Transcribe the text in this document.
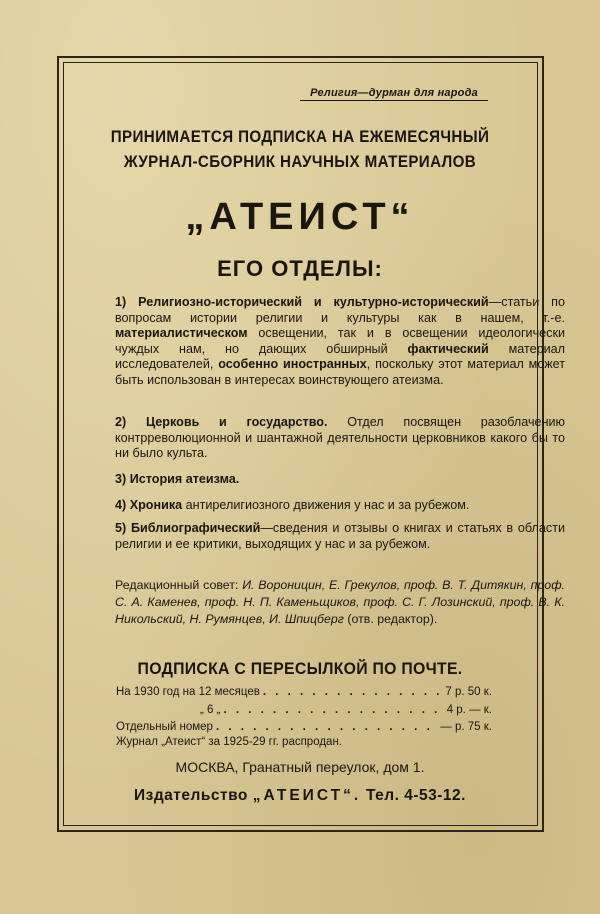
Религия—дурман для народа
ПРИНИМАЕТСЯ ПОДПИСКА НА ЕЖЕМЕСЯЧНЫЙ
ЖУРНАЛ-СБОРНИК НАУЧНЫХ МАТЕРИАЛОВ
„АТЕИСТ“
ЕГО ОТДЕЛЫ:
1) Религиозно-исторический и культурно-исторический—статьи по вопросам истории религии и культуры как в нашем, т.-е. материалистическом освещении, так и в освещении идеологически чуждых нам, но дающих обширный фактический материал исследователей, особенно иностранных, поскольку этот материал может быть использован в интересах воинствующего атеизма.
2) Церковь и государство. Отдел посвящен разоблачению контрреволюционной и шантажной деятельности церковников какого бы то ни было культа.
3) История атеизма.
4) Хроника антирелигиозного движения у нас и за рубежом.
5) Библиографический—сведения и отзывы о книгах и статьях в области религии и ее критики, выходящих у нас и за рубежом.
Редакционный совет: И. Вороницин, Е. Грекулов, проф. В. Т. Дитякин, проф. С. А. Каменев, проф. Н. П. Каменьщиков, проф. С. Г. Лозинский, проф. В. К. Никольский, Н. Румянцев, И. Шпицберг (отв. редактор).
ПОДПИСКА С ПЕРЕСЫЛКОЙ ПО ПОЧТЕ.
На 1930 год на 12 месяцев . . .	7 р. 50 к.
„ 6 „ . . .	4 р. — к.
Отдельный номер . . .	— р. 75 к.
Журнал „Атеист“ за 1925-29 гг. распродан.
МОСКВА, Гранатный переулок, дом 1.
Издательство „АТЕИСТ“. Тел. 4-53-12.
